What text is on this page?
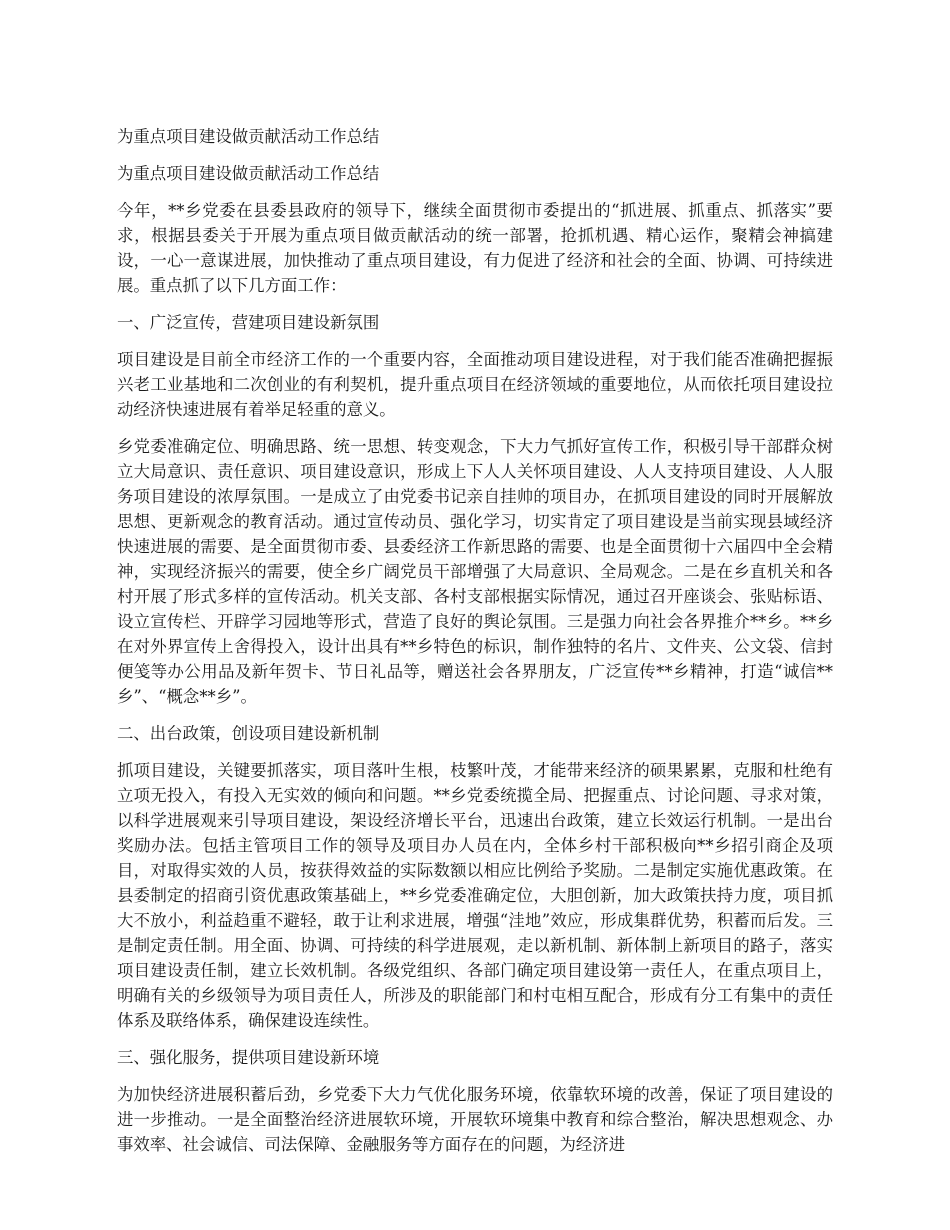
为重点项目建设做贡献活动工作总结
为重点项目建设做贡献活动工作总结

今年，**乡党委在县委县政府的领导下，继续全面贯彻市委提出的“抓进展、抓重点、抓落实”要求，根据县委关于开展为重点项目做贡献活动的统一部署，抢抓机遇、精心运作，聚精会神搞建设，一心一意谋进展，加快推动了重点项目建设，有力促进了经济和社会的全面、协调、可持续进展。重点抓了以下几方面工作：

一、广泛宣传，营建项目建设新氛围

项目建设是目前全市经济工作的一个重要内容，全面推动项目建设进程，对于我们能否准确把握振兴老工业基地和二次创业的有利契机，提升重点项目在经济领域的重要地位，从而依托项目建设拉动经济快速进展有着举足轻重的意义。

乡党委准确定位、明确思路、统一思想、转变观念，下大力气抓好宣传工作，积极引导干部群众树立大局意识、责任意识、项目建设意识，形成上下人人关怀项目建设、人人支持项目建设、人人服务项目建设的浓厚氛围。一是成立了由党委书记亲自挂帅的项目办，在抓项目建设的同时开展解放思想、更新观念的教育活动。通过宣传动员、强化学习，切实肯定了项目建设是当前实现县域经济快速进展的需要、是全面贯彻市委、县委经济工作新思路的需要、也是全面贯彻十六届四中全会精神，实现经济振兴的需要，使全乡广阔党员干部增强了大局意识、全局观念。二是在乡直机关和各村开展了形式多样的宣传活动。机关支部、各村支部根据实际情况，通过召开座谈会、张贴标语、设立宣传栏、开辟学习园地等形式，营造了良好的舆论氛围。三是强力向社会各界推介**乡。**乡在对外界宣传上舍得投入，设计出具有**乡特色的标识，制作独特的名片、文件夹、公文袋、信封便笺等办公用品及新年贺卡、节日礼品等，赠送社会各界朋友，广泛宣传**乡精神，打造“诚信**乡”、“概念**乡”。

二、出台政策，创设项目建设新机制

抓项目建设，关键要抓落实，项目落叶生根，枝繁叶茂，才能带来经济的硕果累累，克服和杜绝有立项无投入，有投入无实效的倾向和问题。**乡党委统揽全局、把握重点、讨论问题、寻求对策，以科学进展观来引导项目建设，架设经济增长平台，迅速出台政策，建立长效运行机制。一是出台奖励办法。包括主管项目工作的领导及项目办人员在内，全体乡村干部积极向**乡招引商企及项目，对取得实效的人员，按获得效益的实际数额以相应比例给予奖励。二是制定实施优惠政策。在县委制定的招商引资优惠政策基础上，**乡党委准确定位，大胆创新，加大政策扶持力度，项目抓大不放小，利益趋重不避轻，敢于让利求进展，增强“洼地”效应，形成集群优势，积蓄而后发。三是制定责任制。用全面、协调、可持续的科学进展观，走以新机制、新体制上新项目的路子，落实项目建设责任制，建立长效机制。各级党组织、各部门确定项目建设第一责任人，在重点项目上，明确有关的乡级领导为项目责任人，所涉及的职能部门和村屯相互配合，形成有分工有集中的责任体系及联络体系，确保建设连续性。

三、强化服务，提供项目建设新环境

为加快经济进展积蓄后劲，乡党委下大力气优化服务环境，依靠软环境的改善，保证了项目建设的进一步推动。一是全面整治经济进展软环境，开展软环境集中教育和综合整治，解决思想观念、办事效率、社会诚信、司法保障、金融服务等方面存在的问题，为经济进
